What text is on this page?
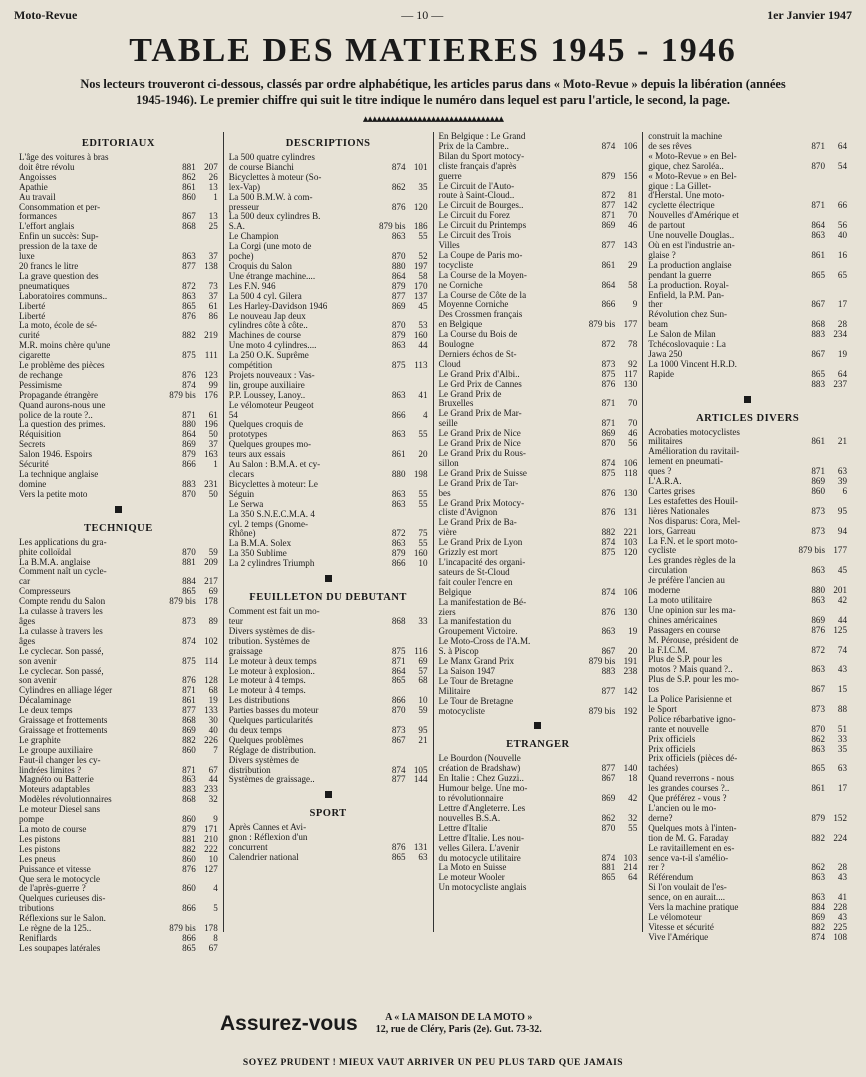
Moto-Revue	— 10 —	1er Janvier 1947
TABLE DES MATIERES 1945 - 1946
Nos lecteurs trouveront ci-dessous, classés par ordre alphabétique, les articles parus dans « Moto-Revue » depuis la libération (années 1945-1946). Le premier chiffre qui suit le titre indique le numéro dans lequel est paru l'article, le second, la page.
▴▴▴▴▴▴▴▴▴▴▴▴▴▴▴▴▴▴▴▴▴▴▴▴▴▴▴▴▴▴▴
EDITORIAUX
L'âge des voitures à bras
doit être révolu	881 207
Angoisses	862	26
Apathie	861	13
Au travail	860	1
Consommation et per-
formances	867	13
L'effort anglais	868	25
Enfin un succès: Sup-
pression de la taxe de
luxe	863	37
20 francs le litre	877 138
La grave question des
pneumatiques	872	73
Laboratoires communs..	863	37
Liberté	865	61
Liberté	876	86
La moto, école de sé-
curité	882 219
M.R. moins chère qu'une
cigarette	875 111
Le problème des pièces
de rechange	876 123
Pessimisme	874	99
Propagande étrangère	879 bis 176
Quand aurons-nous une
police de la route ?..	871	61
La question des primes.	880 196
Réquisition	864	50
Secrets	869	37
Salon 1946. Espoirs	879 163
Sécurité	866	1
La technique anglaise
domine	883 231
Vers la petite moto	870	50
TECHNIQUE
Les applications du gra-
phite colloïdal	870	59
La B.M.A. anglaise	881 209
Comment naît un cycle-
car	884 217
Compresseurs	865	69
Compte rendu du Salon	879 bis 178
La culasse à travers les
âges	873	89
La culasse à travers les
âges	874 102
Le cyclecar. Son passé,
son avenir	875 114
Le cyclecar. Son passé,
son avenir	876 128
Cylindres en alliage léger	871	68
Décalaminage	861	19
Le deux temps	877 133
Graissage et frottements	868	30
Graissage et frottements	869	40
Le graphite	882 226
Le groupe auxiliaire	860	7
Faut-il changer les cy-
lindrées limites ?	871	67
Magnéto ou Batterie	863	44
Moteurs adaptables	883 233
Modèles révolutionnaires	868	32
Le moteur Diesel sans
pompe	860	9
La moto de course	879 171
Les pistons	881 210
Les pistons	882 222
Les pneus	860	10
Puissance et vitesse	876 127
Que sera le motocycle
de l'après-guerre ?	860	4
Quelques curieuses dis-
tributions	866	5
Réflexions sur le Salon.
Le règne de la 125..	879 bis 178
Reniflards	866	8
Les soupapes latérales	865	67
DESCRIPTIONS
La 500 quatre cylindres
de course Bianchi	874 101
Bicyclettes à moteur (So-
lex-Vap)	862	35
La 500 B.M.W. à com-
presseur	876 120
La 500 deux cylindres B.
S.A.	879 bis 186
Le Champion	863	55
La Corgi (une moto de
poche)	870	52
Croquis du Salon	880 197
Une étrange machine....	864	58
Les F.N. 946	879 170
La 500 4 cyl. Gilera	877 137
Les Harley-Davidson 1946	869	45
Le nouveau Jap deux
cylindres côte à côte..	870	53
Machines de course	879 160
Une moto 4 cylindres....	863	44
La 250 O.K. Suprême
compétition	875 113
Projets nouveaux : Vas-
lin, groupe auxiliaire
P.P. Loussey, Lanoy..	863	41
Le vélomoteur Peugeot
54	866	4
Quelques croquis de
prototypes	863	55
Quelques groupes mo-
teurs aux essais	861	20
Au Salon : B.M.A. et cy-
clecars	880 198
Bicyclettes à moteur: Le
Séguin	863	55
Le Serwa	863	55
La 350 S.N.E.C.M.A. 4
cyl. 2 temps (Gnome-
Rhône)	872	75
La B.M.A. Solex	863	55
La 350 Sublime	879 160
La 2 cylindres Triumph	866	10
FEUILLETON DU DEBUTANT
Comment est fait un mo-
teur	868	33
Divers systèmes de dis-
tribution. Systèmes de
graissage	875 116
Le moteur à deux temps	871	69
Le moteur à explosion..	864	57
Le moteur à 4 temps.	865	68
Le moteur à 4 temps.
Les distributions	866	10
Parties basses du moteur	870	59
Quelques particularités
du deux temps	873	95
Quelques problèmes	867	21
Réglage de distribution.
Divers systèmes de
distribution	874 105
Systèmes de graissage..	877 144
SPORT
Après Cannes et Avi-
gnon : Réflexion d'un
concurrent	876 131
Calendrier national	865	63
En Belgique : Le Grand
Prix de la Cambre..	874 106
Bilan du Sport motocy-
cliste français d'après
guerre	879 156
Le Circuit de l'Auto-
route à Saint-Cloud..	872	81
Le Circuit de Bourges..	877 142
Le Circuit du Forez	871	70
Le Circuit du Printemps	869	46
Le Circuit des Trois
Villes	877 143
La Coupe de Paris mo-
tocycliste	861	29
La Course de la Moyen-
ne Corniche	864	58
La Course de Côte de la
Moyenne Corniche	866	9
Des Crossmen français
en Belgique	879 bis 177
La Course du Bois de
Boulogne	872	78
Derniers échos de St-
Cloud	873	92
Le Grand Prix d'Albi..	875 117
Le Grd Prix de Cannes	876 130
Le Grand Prix de
Bruxelles	871	70
Le Grand Prix de Mar-
seille	871	70
Le Grand Prix de Nice	869	46
Le Grand Prix de Nice	870	56
Le Grand Prix du Rous-
sillon	874 106
Le Grand Prix de Suisse	875 118
Le Grand Prix de Tar-
bes	876 130
Le Grand Prix Motocy-
cliste d'Avignon	876 131
Le Grand Prix de Ba-
vière	882 221
Le Grand Prix de Lyon	874 103
Grizzly est mort	875 120
L'incapacité des organi-
sateurs de St-Cloud
fait couler l'encre en
Belgique	874 106
La manifestation de Bé-
ziers	876 130
La manifestation du
Groupement Victoire.	863	19
Le Moto-Cross de l'A.M.
S. à Piscop	867	20
Le Manx Grand Prix	879 bis 191
La Saison 1947	883 238
Le Tour de Bretagne
Militaire	877 142
Le Tour de Bretagne
motocycliste	879 bis 192
ETRANGER
Le Bourdon (Nouvelle
création de Bradshaw)	877 140
En Italie : Chez Guzzi..	867	18
Humour belge. Une mo-
to révolutionnaire	869	42
Lettre d'Angleterre. Les
nouvelles B.S.A.	862	32
Lettre d'Italie	870	55
Lettre d'Italie. Les nou-
velles Gilera. L'avenir
du motocycle utilitaire	874 103
La Moto en Suisse	881 214
Le moteur Wooler	865	64
Un motocycliste anglais
construit la machine
de ses rêves	871	64
« Moto-Revue » en Bel-
gique, chez Saroléa..	870	54
« Moto-Revue » en Bel-
gique : La Gillet-
d'Herstal. Une moto-
cyclette électrique	871	66
Nouvelles d'Amérique et
de partout	864	56
Une nouvelle Douglas..	863	40
Où en est l'industrie an-
glaise ?	861	16
La production anglaise
pendant la guerre	865	65
La production. Royal-
Enfield, la P.M. Pan-
ther	867	17
Révolution chez Sun-
beam	868	28
Le Salon de Milan	883 234
Tchécoslovaquie : La
Jawa 250	867	19
La 1000 Vincent H.R.D.
Rapide	865	64
883 237
ARTICLES DIVERS
Acrobaties motocyclistes
militaires	861	21
Amélioration du ravitail-
lement en pneumati-
ques ?	871	63
L'A.R.A.	869	39
Cartes grises	860	6
Les estafettes des Houil-
lières Nationales	873	95
Nos disparus: Cora, Mel-
lors, Garreau	873	94
La F.N. et le sport moto-
cycliste	879 bis 177
Les grandes règles de la
circulation	863	45
Je préfère l'ancien au
moderne	880 201
La moto utilitaire	863	42
Une opinion sur les ma-
chines américaines	869	44
Passagers en course	876 125
M. Pérouse, président de
la F.I.C.M.	872	74
Plus de S.P. pour les
motos ? Mais quand ?..	863	43
Plus de S.P. pour les mo-
tos	867	15
La Police Parisienne et
le Sport	873	88
Police rébarbative igno-
rante et nouvelle	870	51
Prix officiels	862	33
Prix officiels	863	35
Prix officiels (pièces dé-
tachées)	865	63
Quand reverrons - nous
les grandes courses ?..	861	17
Que préférez - vous ?
L'ancien ou le mo-
derne?	879 152
Quelques mots à l'inten-
tion de M. G. Faraday	882 224
Le ravitaillement en es-
sence va-t-il s'amélio-
rer ?	862	28
Référendum	863	43
Si l'on voulait de l'es-
sence, on en aurait....	863	41
Vers la machine pratique	884 228
Le vélomoteur	869	43
Vitesse et sécurité	882 225
Vive l'Amérique	874 108
Assurez-vous	A « LA MAISON DE LA MOTO »
12, rue de Cléry, Paris (2e). Gut. 73-32.
SOYEZ PRUDENT ! MIEUX VAUT ARRIVER UN PEU PLUS TARD QUE JAMAIS
